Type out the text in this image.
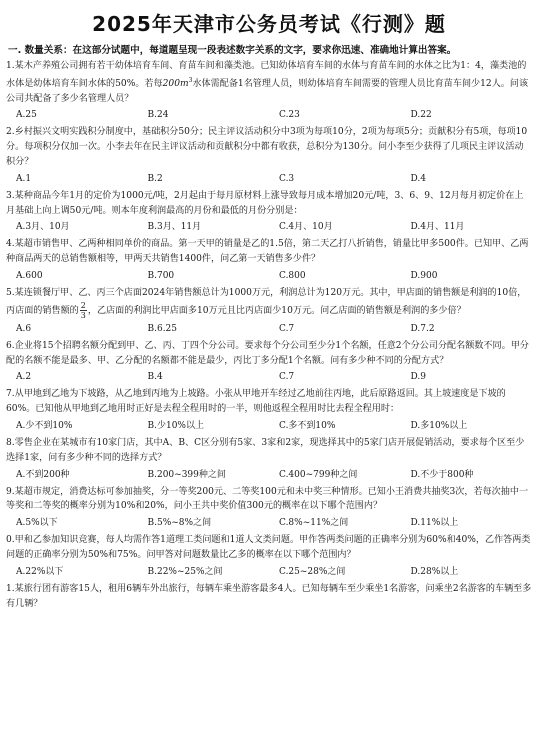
2025年天津市公务员考试《行测》题
一. 数量关系：在这部分试题中，每道题呈现一段表述数字关系的文字，要求你迅速、准确地计算出答案。
1.某木产养殖公司拥有若干幼体培育车间、育苗车间和藻类池。已知幼体培育车间的水体与育苗车间的水体之比为1：4，藻类池的水体是幼体培育车间水体的50%。若每$200m^3$水体需配备1名管理人员，则幼体培育车间需要的管理人员比育苗车间少12人。问该公司共配备了多少名管理人员？
A.25	B.24	C.23	D.22
2.乡村振兴文明实践积分制度中，基础积分50分；民主评议活动积分中3项为每项10分，2项为每项5分；贡献积分有5项，每项10分。每项积分仅加一次。小李去年在民主评议活动和贡献积分中都有收获，总积分为130分。问小李至少获得了几项民主评议活动积分？
A.1	B.2	C.3	D.4
3.某种商品今年1月的定价为1000元/吨，2月起由于每月原材料上涨导致每月成本增加20元/吨，3、6、9、12月每月初定价在上月基础上向上调50元/吨。则本年度利润最高的月份和最低的月份分别是：
A.3月、10月	B.3月、11月	C.4月、10月	D.4月、11月
4.某超市销售甲、乙两种相同单价的商品。第一天甲的销量是乙的1.5倍，第二天乙打八折销售，销量比甲多500件。已知甲、乙两种商品两天的总销售额相等，甲两天共销售1400件，问乙第一天销售多少件？
A.600	B.700	C.800	D.900
5.某连锁餐厅甲、乙、丙三个店面2024年销售额总计为1000万元，利润总计为120万元。其中，甲店面的销售额是利润的10倍，丙店面的销售额的 $\frac{2}{3}$ ，乙店面的利润比甲店面多10万元且比丙店面少10万元。问乙店面的销售额是利润的多少倍？
A.6	B.6.25	C.7	D.7.2
6.企业将15个招聘名额分配到甲、乙、丙、丁四个分公司。要求每个分公司至少分1个名额，任意2个分公司分配名额数不同。甲分配的名额不能是最多、甲、乙分配的名额都不能是最少，丙比丁多分配1个名额。问有多少种不同的分配方式？
A.2	B.4	C.7	D.9
7.从甲地到乙地为下坡路，从乙地到丙地为上坡路。小张从甲地开车经过乙地前往丙地，此后原路返回。其上坡速度是下坡的60%。已知他从甲地到乙地用时正好是去程全程用时的一半，则他返程全程用时比去程全程用时：
A.少不到10%	B.少10%以上	C.多不到10%	D.多10%以上
8.零售企业在某城市有10家门店，其中A、B、C区分别有5家、3家和2家，现选择其中的5家门店开展促销活动，要求每个区至少选择1家，问有多少种不同的选择方式？
A.不到200种	B.200~399种之间	C.400~799种之间	D.不少于800种
9.某超市规定，消费达标可参加抽奖，分一等奖200元、二等奖100元和未中奖三种情形。已知小王消费共抽奖3次，若每次抽中一等奖和二等奖的概率分别为10%和20%，问小王共中奖价值300元的概率在以下哪个范围内？
A.5%以下	B.5%~8%之间	C.8%~11%之间	D.11%以上
0.甲和乙参加知识竞赛，每人均需作答1道理工类问题和1道人文类问题。甲作答两类问题的正确率分别为60%和40%，乙作答两类问题的正确率分别为50%和75%。问甲答对问题数量比乙多的概率在以下哪个范围内？
A.22%以下	B.22%~25%之间	C.25~28%之间	D.28%以上
1.某旅行团有游客15人，租用6辆车外出旅行，每辆车乘坐游客最多4人。已知每辆车至少乘坐1名游客，问乘坐2名游客的车辆至多有几辆？
